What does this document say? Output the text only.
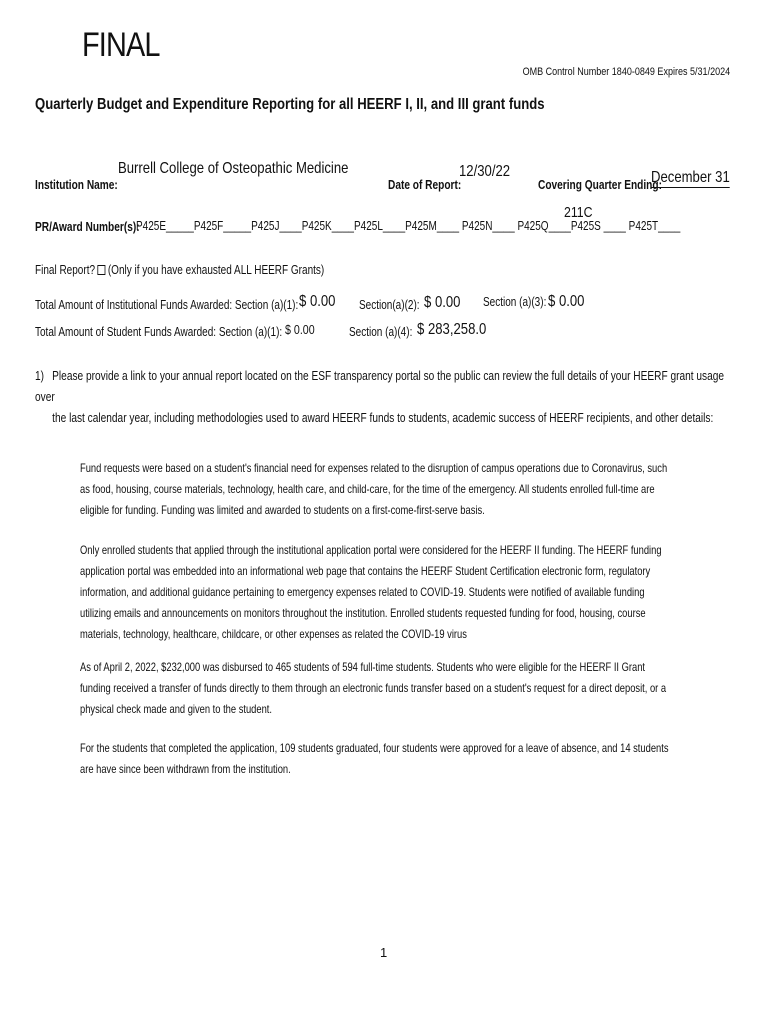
FINAL
OMB Control Number 1840-0849 Expires 5/31/2024
Quarterly Budget and Expenditure Reporting for all HEERF I, II, and III grant funds
Burrell College of Osteopathic Medicine
Institution Name:	Date of Report:
12/30/22
Covering Quarter Ending:
December 31
211C
PR/Award Number(s):
P425E_____P425F_____P425J____P425K____P425L____P425M____ P425N____ P425Q____P425S ____ P425T____
Final Report? (Only if you have exhausted ALL HEERF Grants)
Total Amount of Institutional Funds Awarded: Section (a)(1): $ 0.00 Section(a)(2): $ 0.00 Section (a)(3): $ 0.00
Total Amount of Student Funds Awarded: Section (a)(1): $ 0.00	Section (a)(4): $ 283,258.0
1) Please provide a link to your annual report located on the ESF transparency portal so the public can review the full details of your HEERF grant usage over
the last calendar year, including methodologies used to award HEERF funds to students, academic success of HEERF recipients, and other details:
Fund requests were based on a student's financial need for expenses related to the disruption of campus operations due to Coronavirus, such as food, housing, course materials, technology, health care, and child-care, for the time of the emergency. All students enrolled full-time are eligible for funding. Funding was limited and awarded to students on a first-come-first-serve basis.
Only enrolled students that applied through the institutional application portal were considered for the HEERF II funding. The HEERF funding application portal was embedded into an informational web page that contains the HEERF Student Certification electronic form, regulatory information, and additional guidance pertaining to emergency expenses related to COVID-19. Students were notified of available funding utilizing emails and announcements on monitors throughout the institution. Enrolled students requested funding for food, housing, course materials, technology, healthcare, childcare, or other expenses as related the COVID-19 virus
As of April 2, 2022, $232,000 was disbursed to 465 students of 594 full-time students. Students who were eligible for the HEERF II Grant funding received a transfer of funds directly to them through an electronic funds transfer based on a student's request for a direct deposit, or a physical check made and given to the student.
For the students that completed the application, 109 students graduated, four students were approved for a leave of absence, and 14 students are have since been withdrawn from the institution.
1
